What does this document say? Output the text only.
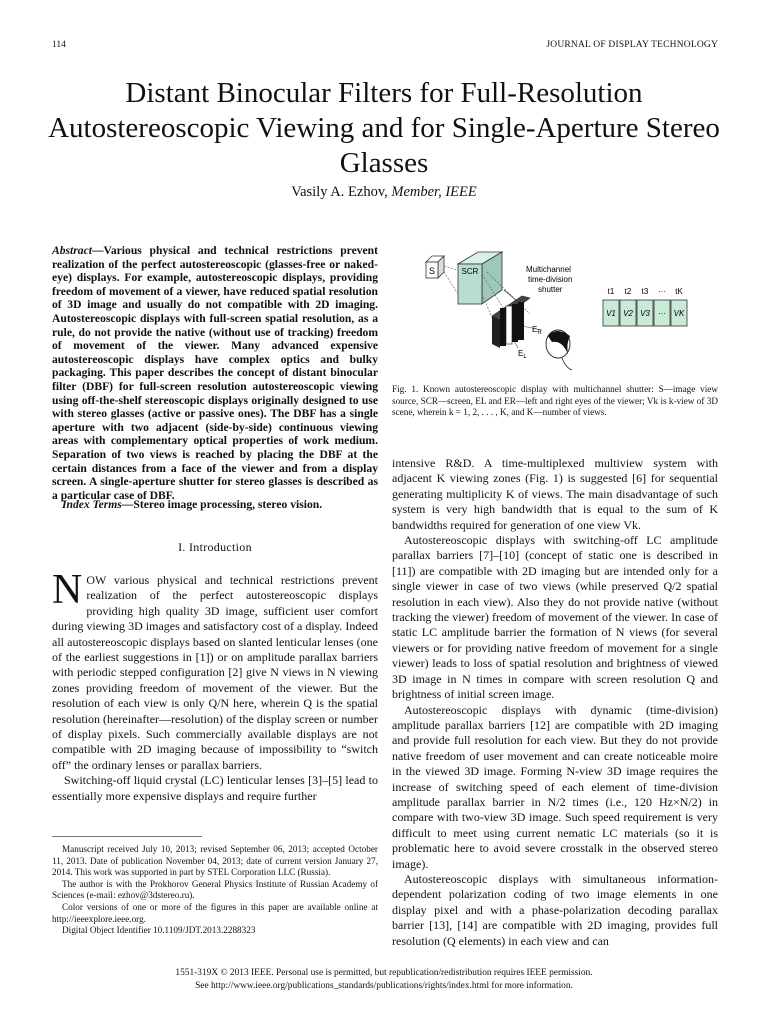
114	JOURNAL OF DISPLAY TECHNOLOGY
Distant Binocular Filters for Full-Resolution Autostereoscopic Viewing and for Single-Aperture Stereo Glasses
Vasily A. Ezhov, Member, IEEE
Abstract—Various physical and technical restrictions prevent realization of the perfect autostereoscopic (glasses-free or naked-eye) displays. For example, autostereoscopic displays, providing freedom of movement of a viewer, have reduced spatial resolution of 3D image and usually do not compatible with 2D imaging. Autostereoscopic displays with full-screen spatial resolution, as a rule, do not provide the native (without use of tracking) freedom of movement of the viewer. Many advanced expensive autostereoscopic displays have complex optics and bulky packaging. This paper describes the concept of distant binocular filter (DBF) for full-screen resolution autostereoscopic viewing using off-the-shelf stereoscopic displays originally designed to use with stereo glasses (active or passive ones). The DBF has a single aperture with two adjacent (side-by-side) continuous viewing areas with complementary optical properties of work medium. Separation of two views is reached by placing the DBF at the certain distances from a face of the viewer and from a display screen. A single-aperture shutter for stereo glasses is described as a particular case of DBF.
Index Terms—Stereo image processing, stereo vision.
I. Introduction

NOW various physical and technical restrictions prevent realization of the perfect autostereoscopic displays providing high quality 3D image, sufficient user comfort during viewing 3D images and satisfactory cost of a display. Indeed all autostereoscopic displays based on slanted lenticular lenses (one of the earliest suggestions in [1]) or on amplitude parallax barriers with periodic stepped configuration [2] give N views in N viewing zones providing freedom of movement of the viewer. But the resolution of each view is only Q/N here, wherein Q is the spatial resolution (hereinafter—resolution) of the display screen or number of display pixels. Such commercially available displays are not compatible with 2D imaging because of impossibility to “switch off” the ordinary lenses or parallax barriers.

Switching-off liquid crystal (LC) lenticular lenses [3]–[5] lead to essentially more expensive displays and require further

Manuscript received July 10, 2013; revised September 06, 2013; accepted October 11, 2013. Date of publication November 04, 2013; date of current version January 27, 2014. This work was supported in part by STEL Corporation LLC (Russia).

The author is with the Prokhorov General Physics Institute of Russian Academy of Sciences (e-mail: ezhov@3dstereo.ru).

Color versions of one or more of the figures in this paper are available online at http://ieeexplore.ieee.org.

Digital Object Identifier 10.1109/JDT.2013.2288323

S	SCR	Multichannel
time-division
shutter
$E_R$
$E_L$
t1 t2 t3 ··· tK
V1 V2 V3 ··· VK
Fig. 1. Known autostereoscopic display with multichannel shutter: S—image view source, SCR—screen, EL and ER—left and right eyes of the viewer; Vk is k-view of 3D scene, wherein k = 1, 2, . . . , K, and K—number of views.

intensive R&D. A time-multiplexed multiview system with adjacent K viewing zones (Fig. 1) is suggested [6] for sequential generating multiplicity K of views. The main disadvantage of such system is very high bandwidth that is equal to the sum of K bandwidths required for generation of one view Vk.

Autostereoscopic displays with switching-off LC amplitude parallax barriers [7]–[10] (concept of static one is described in [11]) are compatible with 2D imaging but are intended only for a single viewer in case of two views (while preserved Q/2 spatial resolution in each view). Also they do not provide native (without tracking the viewer) freedom of movement of the viewer. In case of static LC amplitude barrier the formation of N views (for several viewers or for providing native freedom of movement for a single viewer) leads to loss of spatial resolution and brightness of viewed 3D image in N times in compare with screen resolution Q and brightness of initial screen image.

Autostereoscopic displays with dynamic (time-division) amplitude parallax barriers [12] are compatible with 2D imaging and provide full resolution for each view. But they do not provide native freedom of user movement and can create noticeable moire in the viewed 3D image. Forming N-view 3D image requires the increase of switching speed of each element of time-division amplitude parallax barrier in N/2 times (i.e., 120 Hz×N/2) in compare with two-view 3D image. Such speed requirement is very difficult to meet using current nematic LC materials (so it is problematic here to avoid severe crosstalk in the observed stereo image).

Autostereoscopic displays with simultaneous information-dependent polarization coding of two image elements in one display pixel and with a phase-polarization decoding parallax barrier [13], [14] are compatible with 2D imaging, provides full resolution (Q elements) in each view and can

1551-319X © 2013 IEEE. Personal use is permitted, but republication/redistribution requires IEEE permission.
See http://www.ieee.org/publications_standards/publications/rights/index.html for more information.
